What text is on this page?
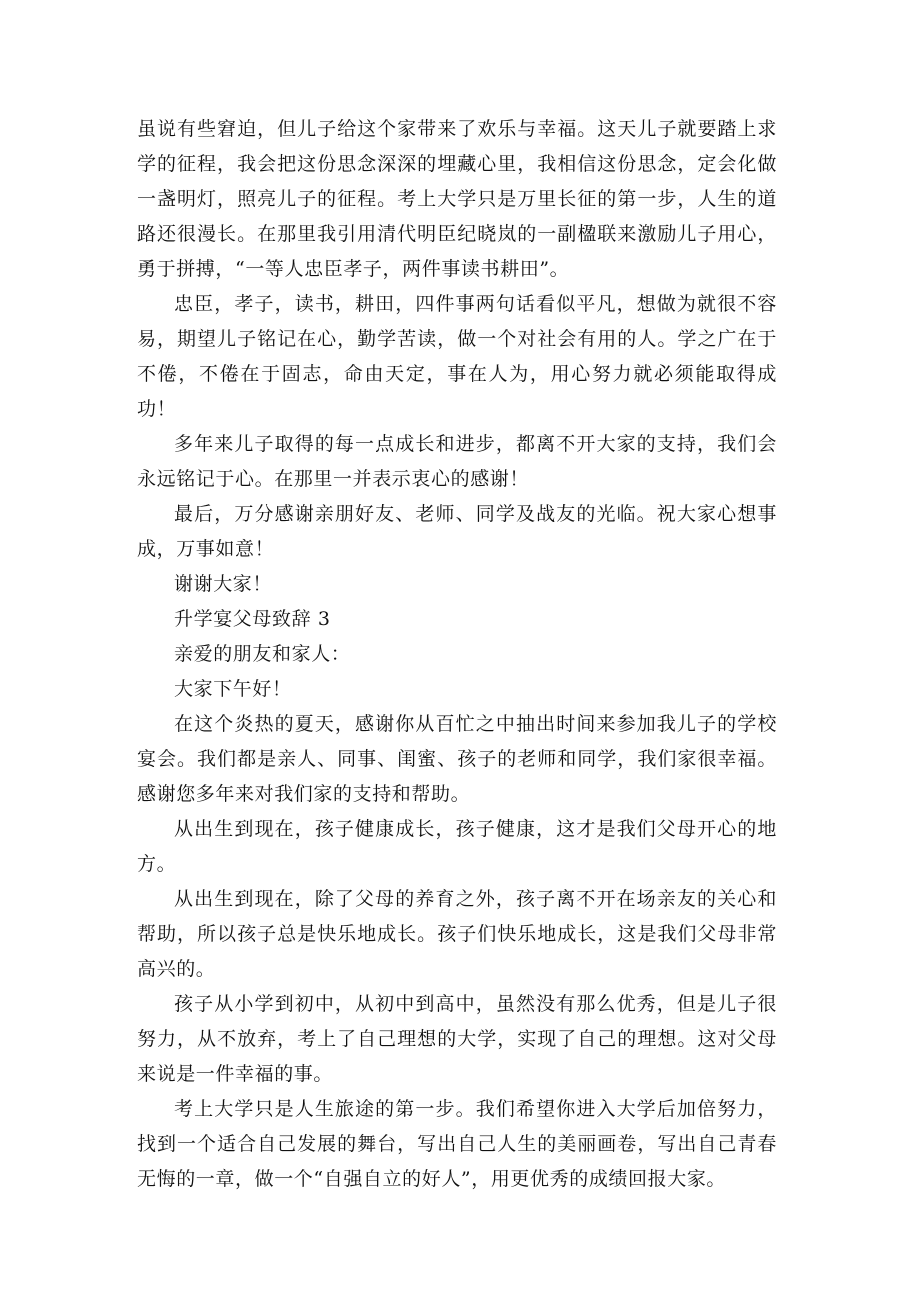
虽说有些窘迫，但儿子给这个家带来了欢乐与幸福。这天儿子就要踏上求学的征程，我会把这份思念深深的埋藏心里，我相信这份思念，定会化做一盏明灯，照亮儿子的征程。考上大学只是万里长征的第一步，人生的道路还很漫长。在那里我引用清代明臣纪晓岚的一副楹联来激励儿子用心，勇于拼搏，“一等人忠臣孝子，两件事读书耕田”。

忠臣，孝子，读书，耕田，四件事两句话看似平凡，想做为就很不容易，期望儿子铭记在心，勤学苦读，做一个对社会有用的人。学之广在于不倦，不倦在于固志，命由天定，事在人为，用心努力就必须能取得成功！

多年来儿子取得的每一点成长和进步，都离不开大家的支持，我们会永远铭记于心。在那里一并表示衷心的感谢！

最后，万分感谢亲朋好友、老师、同学及战友的光临。祝大家心想事成，万事如意！

谢谢大家！

升学宴父母致辞 3

亲爱的朋友和家人：

大家下午好！

在这个炎热的夏天，感谢你从百忙之中抽出时间来参加我儿子的学校宴会。我们都是亲人、同事、闺蜜、孩子的老师和同学，我们家很幸福。感谢您多年来对我们家的支持和帮助。

从出生到现在，孩子健康成长，孩子健康，这才是我们父母开心的地方。

从出生到现在，除了父母的养育之外，孩子离不开在场亲友的关心和帮助，所以孩子总是快乐地成长。孩子们快乐地成长，这是我们父母非常高兴的。

孩子从小学到初中，从初中到高中，虽然没有那么优秀，但是儿子很努力，从不放弃，考上了自己理想的大学，实现了自己的理想。这对父母来说是一件幸福的事。

考上大学只是人生旅途的第一步。我们希望你进入大学后加倍努力，找到一个适合自己发展的舞台，写出自己人生的美丽画卷，写出自己青春无悔的一章，做一个“自强自立的好人”，用更优秀的成绩回报大家。
